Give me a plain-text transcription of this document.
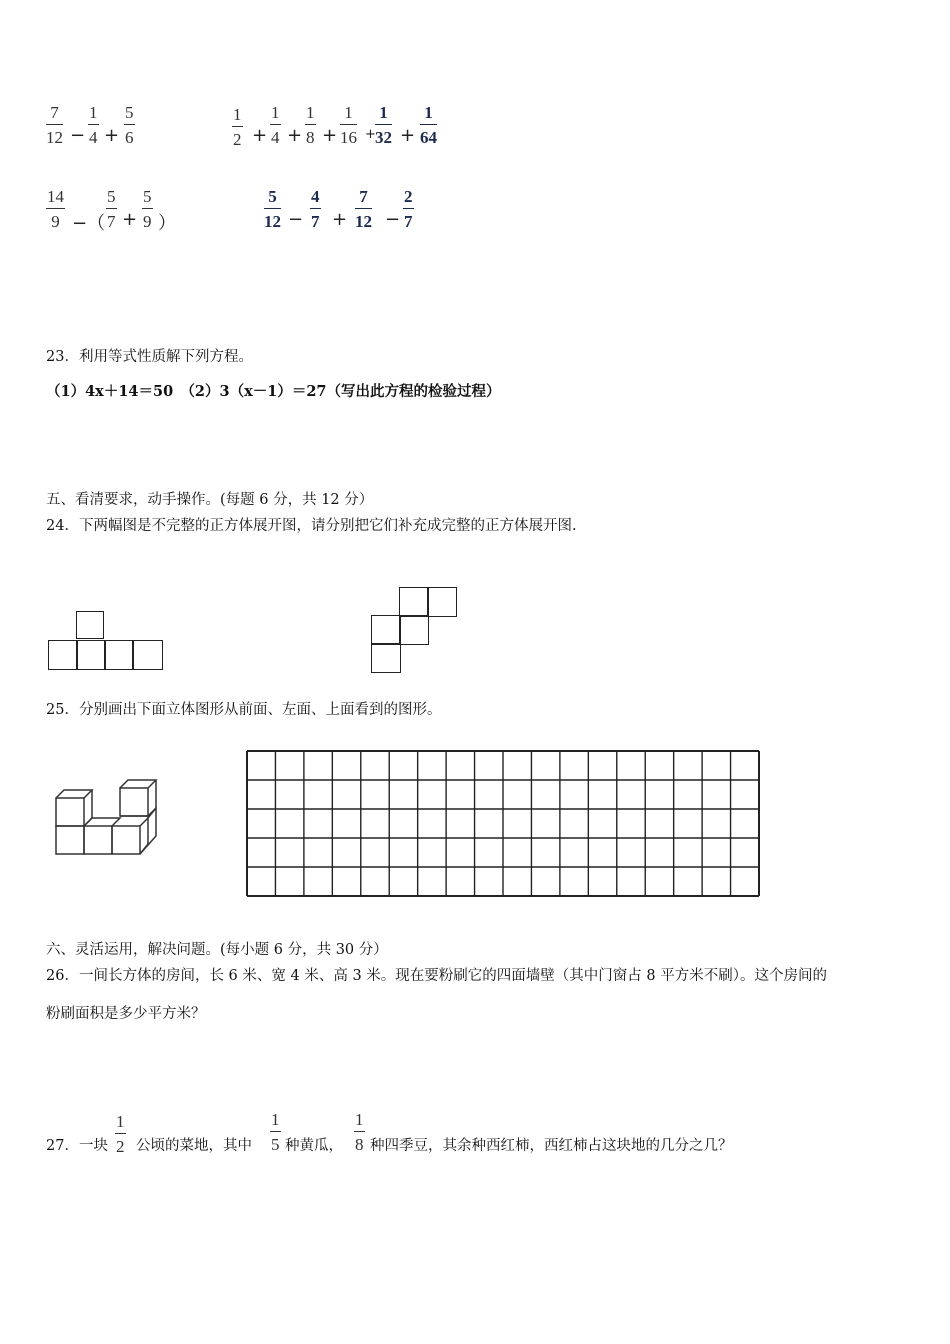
$\frac{7}{12} - \frac{1}{4} + \frac{5}{6}$	$\frac{1}{2} + \frac{1}{4} + \frac{1}{8} + \frac{1}{16} + \frac{1}{32} + \frac{1}{64}$
$\frac{14}{9}$ −（ $\frac{5}{7} + \frac{5}{9}$ ）	$\frac{5}{12} - \frac{4}{7} + \frac{7}{12} - \frac{2}{7}$
23．利用等式性质解下列方程。
（1）4x＋14＝50　（2）3（x－1）＝27（写出此方程的检验过程）
五、看清要求，动手操作。(每题 6 分，共 12 分）
24．下两幅图是不完整的正方体展开图，请分别把它们补充成完整的正方体展开图.
25．分别画出下面立体图形从前面、左面、上面看到的图形。
六、灵活运用，解决问题。(每小题 6 分，共 30 分）
26．一间长方体的房间，长 6 米、宽 4 米、高 3 米。现在要粉刷它的四面墙壁（其中门窗占 8 平方米不刷）。这个房间的
粉刷面积是多少平方米？
27．一块 $\frac{1}{2}$ 公顷的菜地，其中 $\frac{1}{5}$ 种黄瓜， $\frac{1}{8}$ 种四季豆，其余种西红柿，西红柿占这块地的几分之几？
